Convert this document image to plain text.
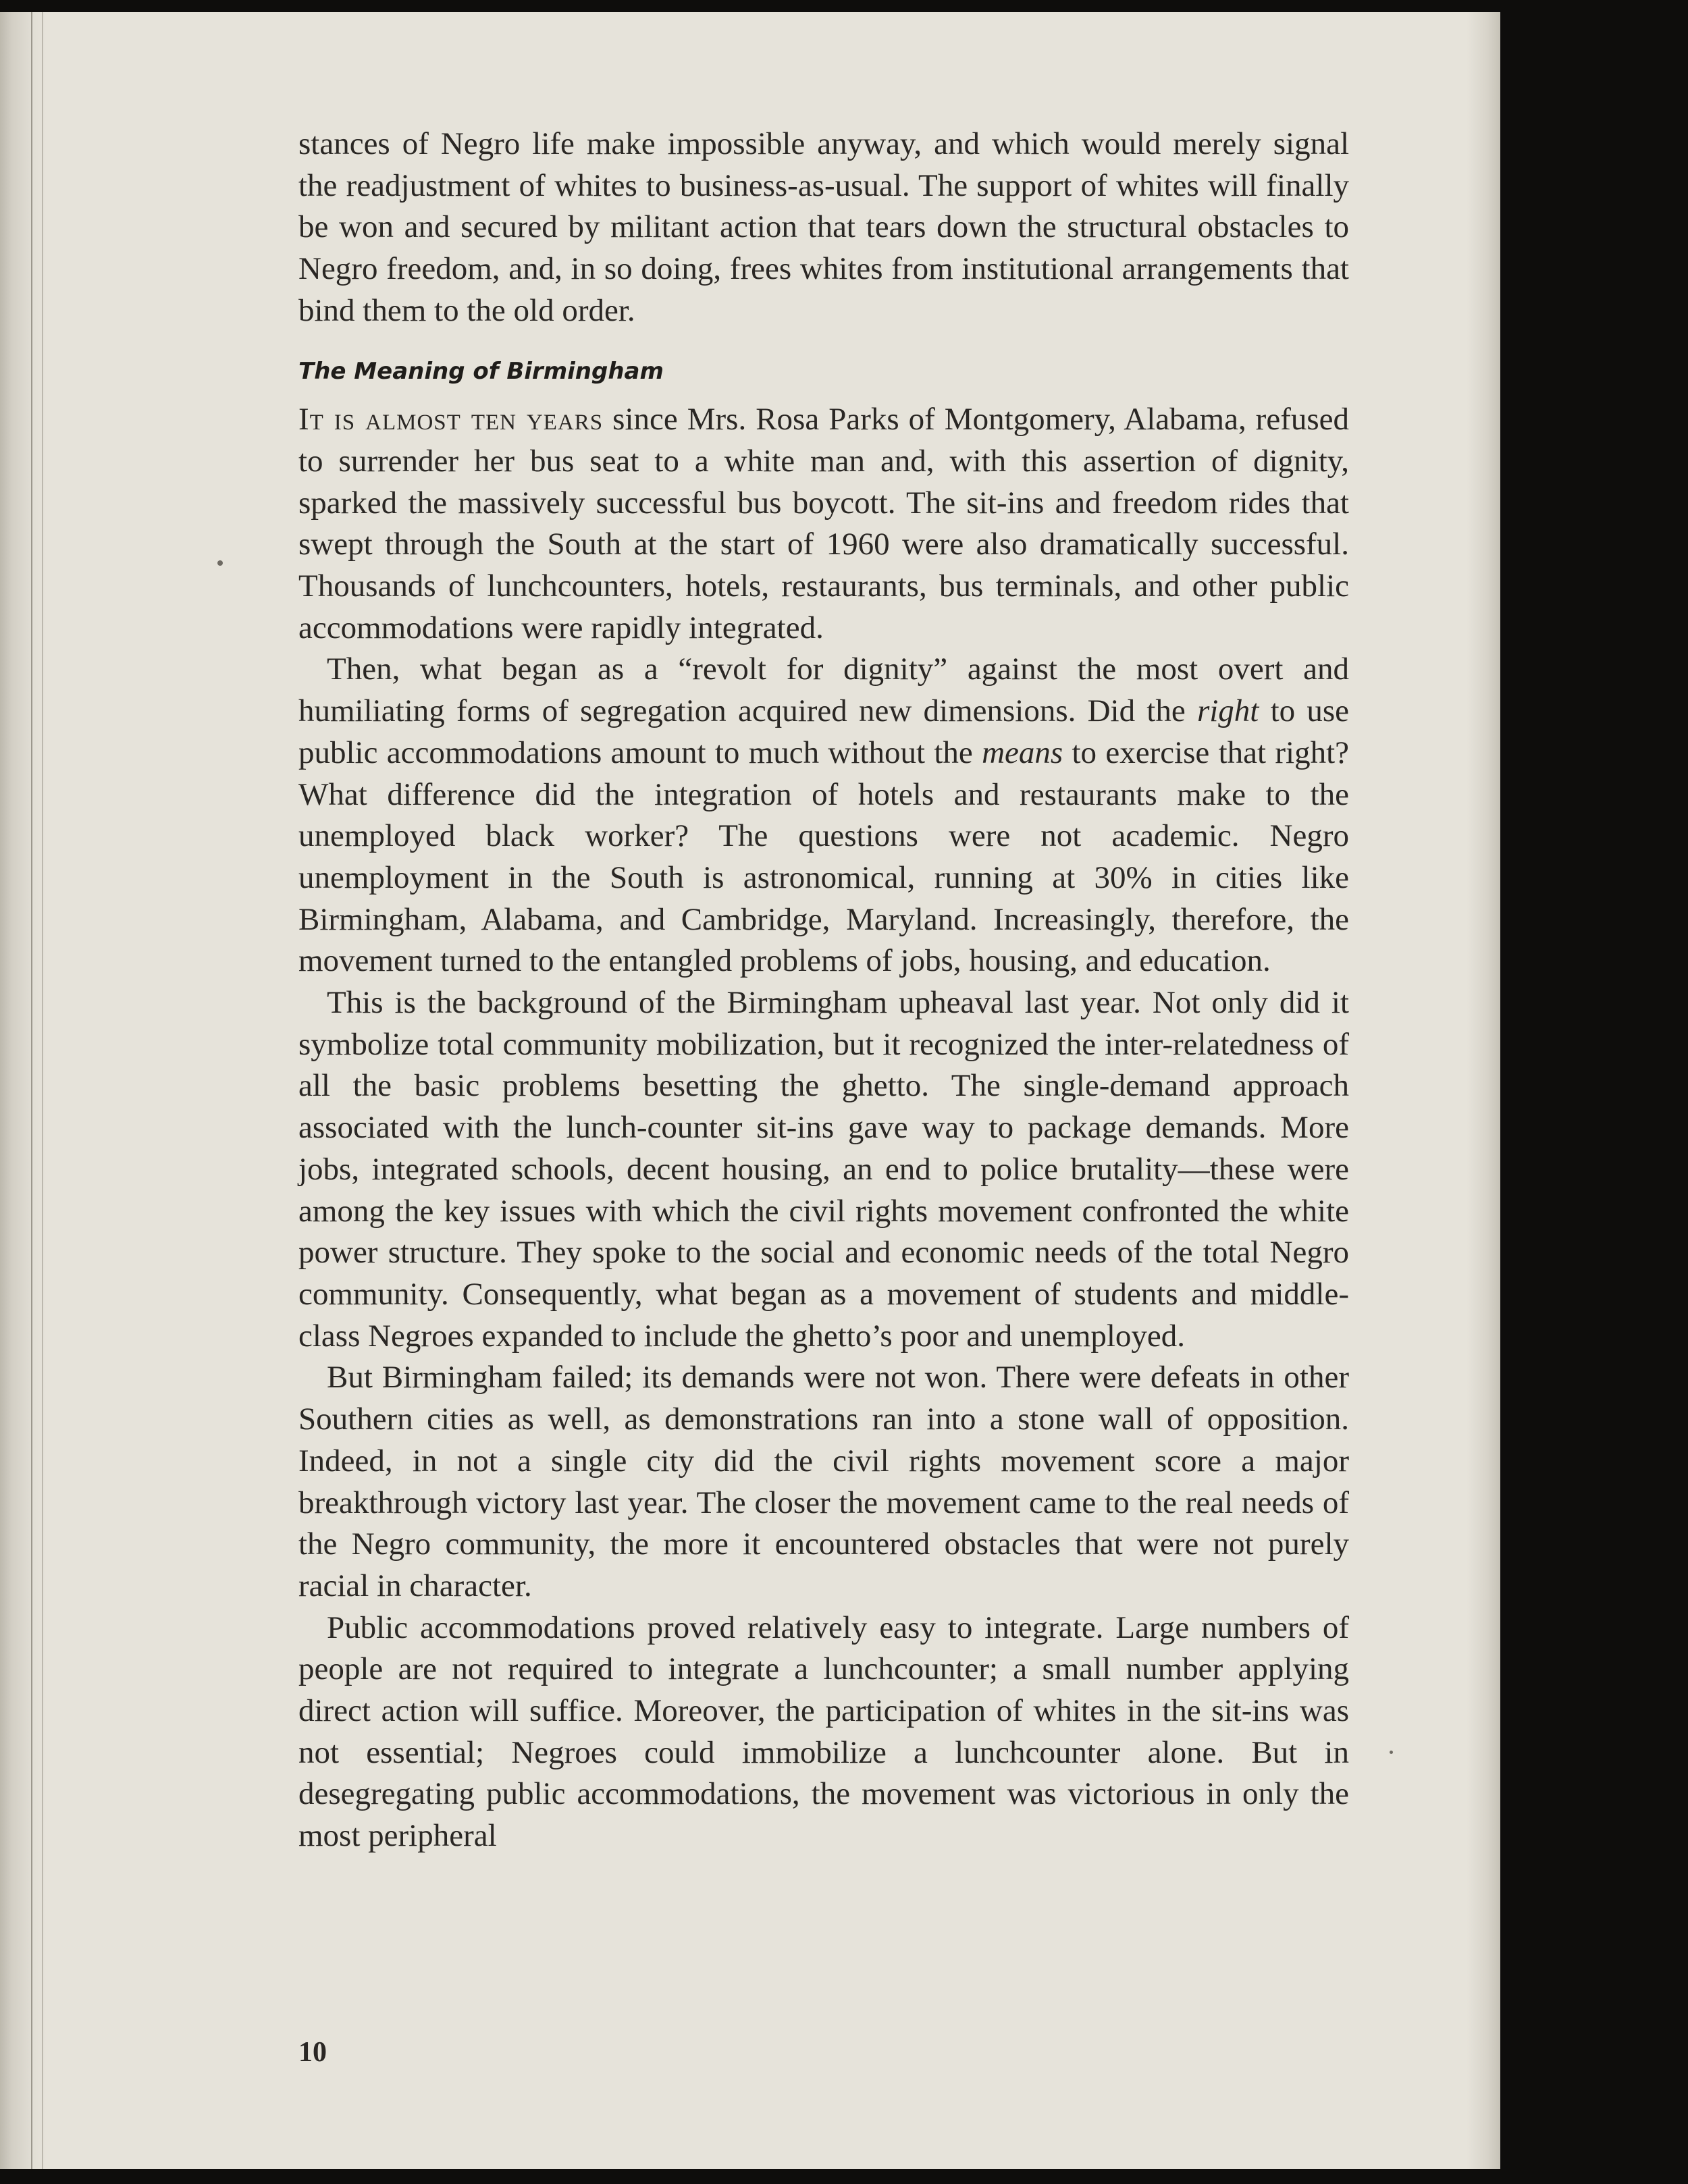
stances of Negro life make impossible anyway, and which would merely signal the readjustment of whites to business-as-usual. The support of whites will finally be won and secured by militant action that tears down the structural obstacles to Negro freedom, and, in so doing, frees whites from institutional arrangements that bind them to the old order.

The Meaning of Birmingham

It is almost ten years since Mrs. Rosa Parks of Montgomery, Alabama, refused to surrender her bus seat to a white man and, with this assertion of dignity, sparked the massively successful bus boycott. The sit-ins and freedom rides that swept through the South at the start of 1960 were also dramatically successful. Thousands of lunchcounters, hotels, restaurants, bus terminals, and other public accommodations were rapidly integrated.

Then, what began as a “revolt for dignity” against the most overt and humiliating forms of segregation acquired new dimensions. Did the right to use public accommodations amount to much without the means to exercise that right? What difference did the integration of hotels and restaurants make to the unemployed black worker? The questions were not academic. Negro unemployment in the South is astronomical, running at 30% in cities like Birmingham, Alabama, and Cambridge, Maryland. Increasingly, therefore, the movement turned to the entangled problems of jobs, housing, and education.

This is the background of the Birmingham upheaval last year. Not only did it symbolize total community mobilization, but it recognized the inter-relatedness of all the basic problems besetting the ghetto. The single-demand approach associated with the lunch-counter sit-ins gave way to package demands. More jobs, integrated schools, decent housing, an end to police brutality—these were among the key issues with which the civil rights movement confronted the white power structure. They spoke to the social and economic needs of the total Negro community. Consequently, what began as a movement of students and middle-class Negroes expanded to include the ghetto’s poor and unemployed.

But Birmingham failed; its demands were not won. There were defeats in other Southern cities as well, as demonstrations ran into a stone wall of opposition. Indeed, in not a single city did the civil rights movement score a major breakthrough victory last year. The closer the movement came to the real needs of the Negro community, the more it encountered obstacles that were not purely racial in character.

Public accommodations proved relatively easy to integrate. Large numbers of people are not required to integrate a lunchcounter; a small number applying direct action will suffice. Moreover, the participation of whites in the sit-ins was not essential; Negroes could immobilize a lunchcounter alone. But in desegregating public accommodations, the movement was victorious in only the most peripheral

10
